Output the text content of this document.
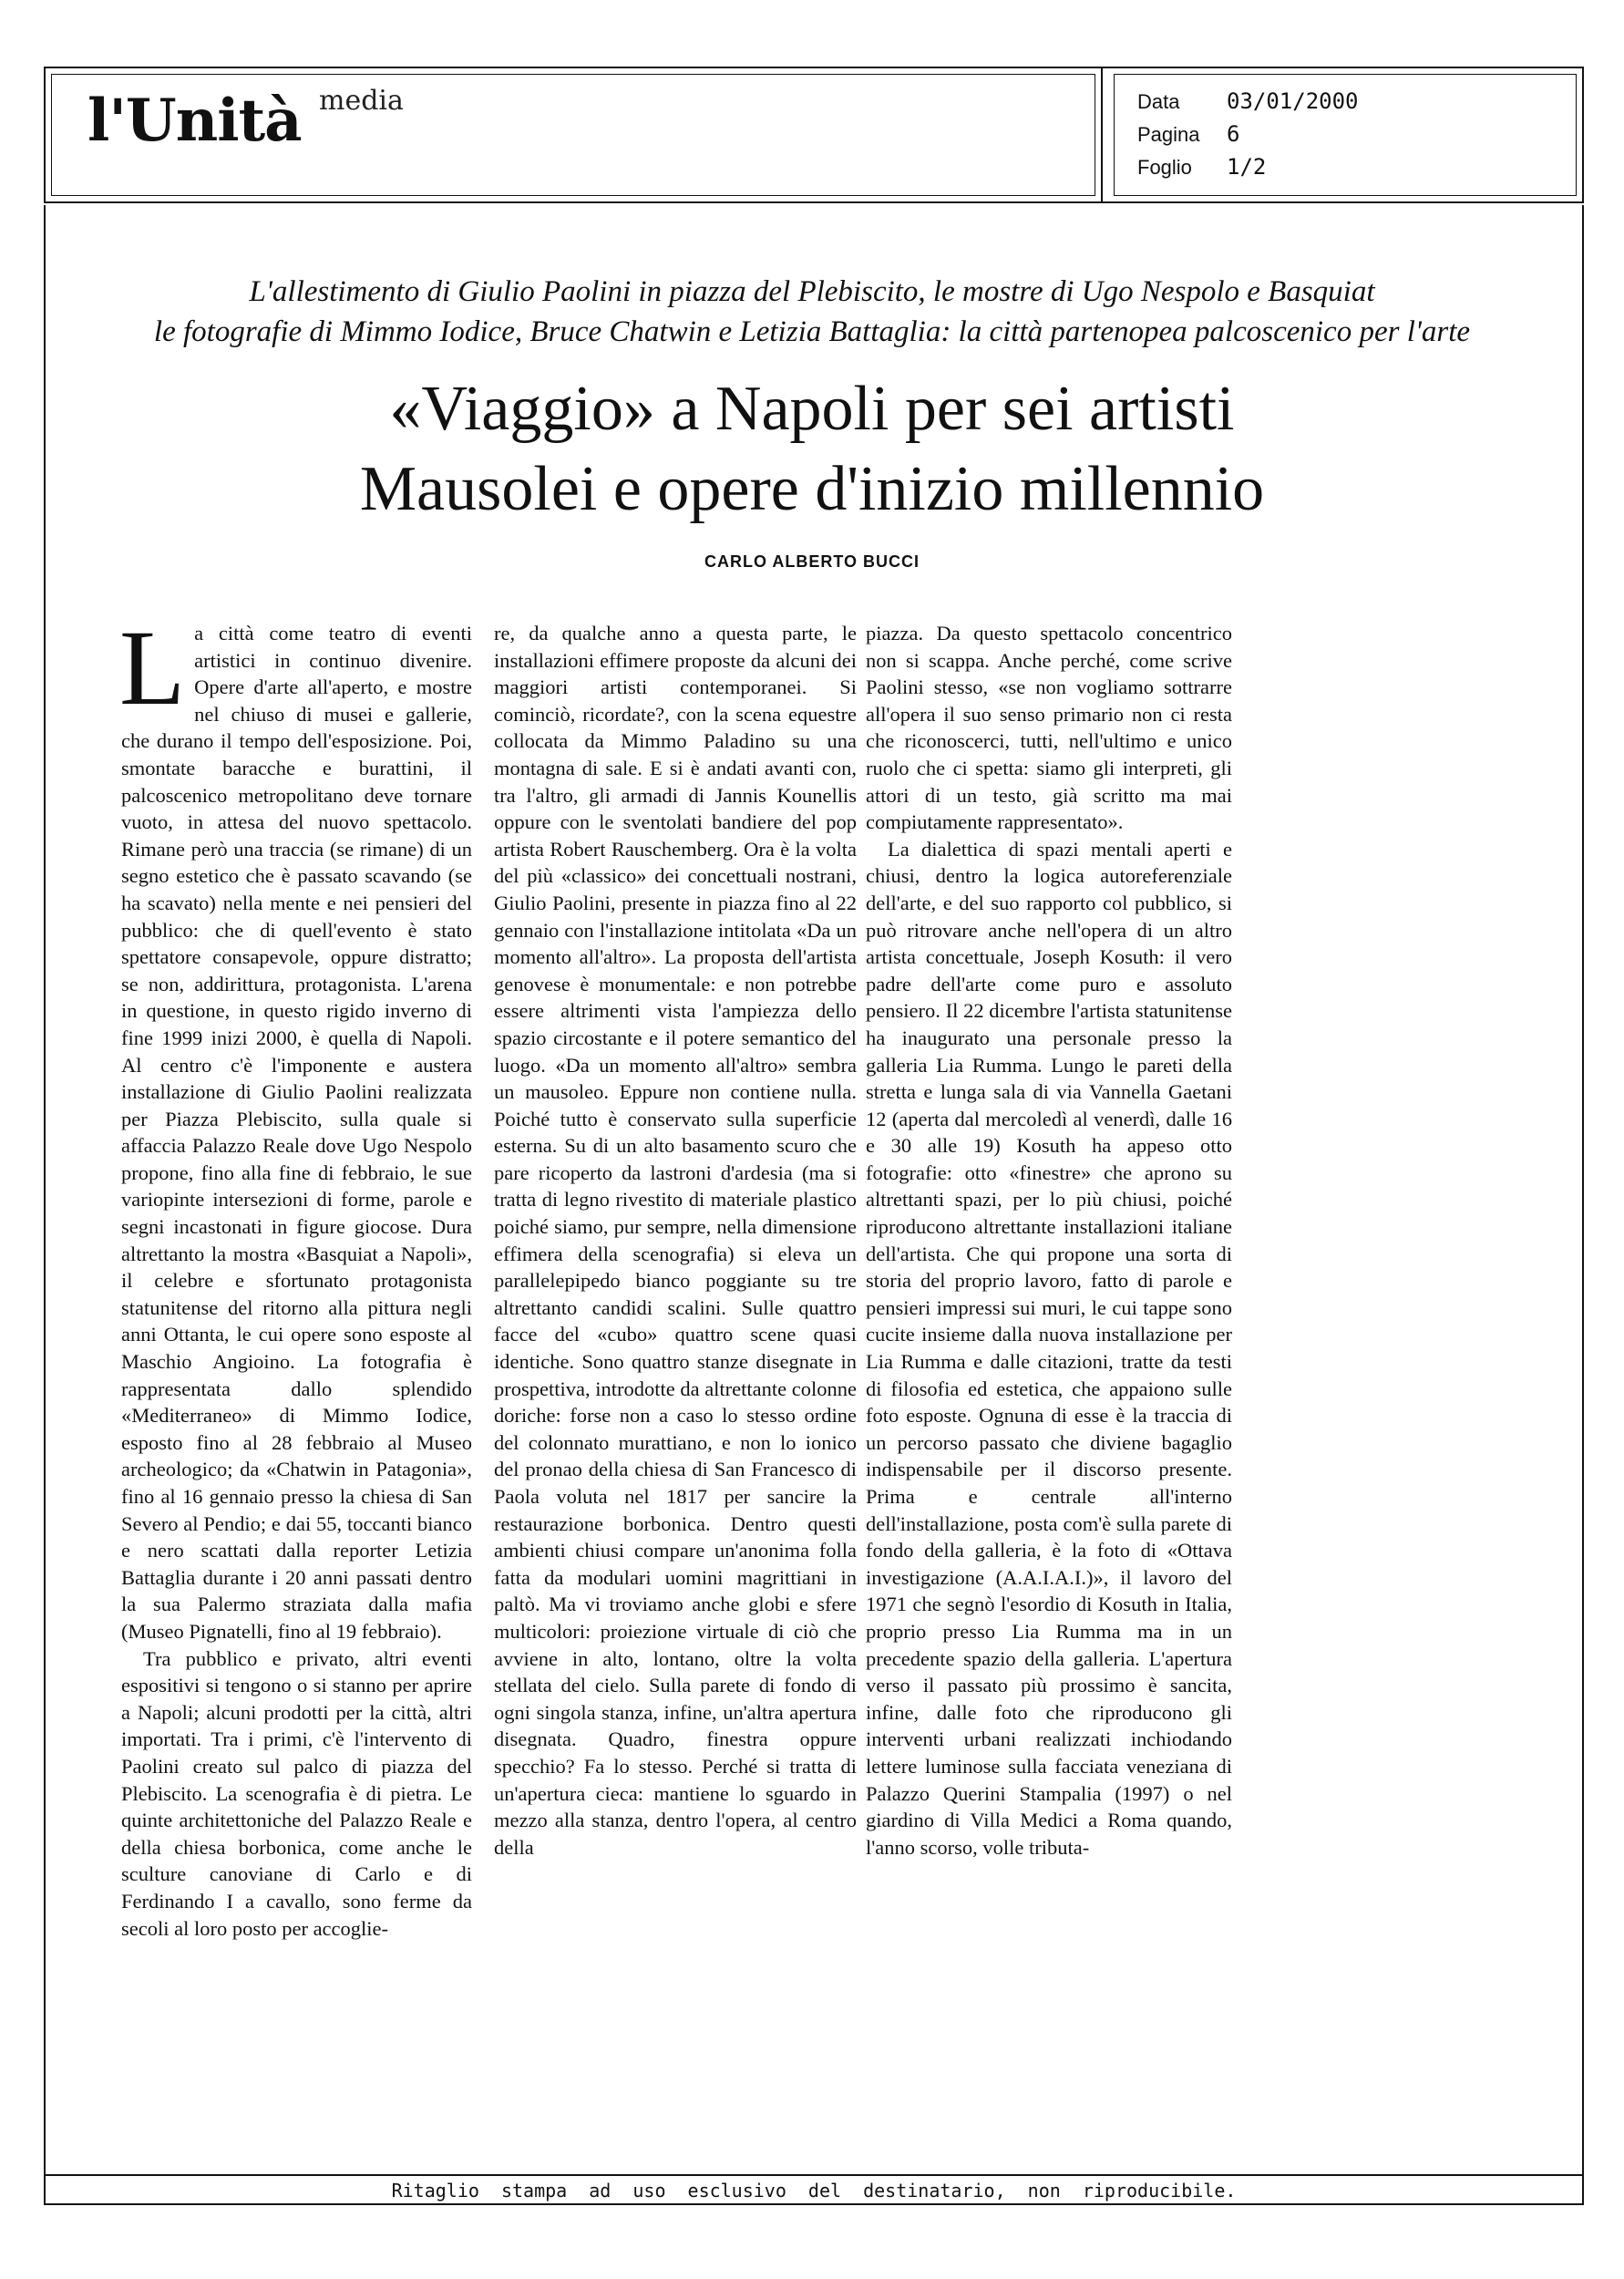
l'Unità media	Data 03/01/2000
Pagina 6
Foglio 1/2
L'allestimento di Giulio Paolini in piazza del Plebiscito, le mostre di Ugo Nespolo e Basquiat
le fotografie di Mimmo Iodice, Bruce Chatwin e Letizia Battaglia: la città partenopea palcoscenico per l'arte
«Viaggio» a Napoli per sei artisti
Mausolei e opere d'inizio millennio
CARLO ALBERTO BUCCI

La città come teatro di eventi artistici in continuo divenire. Opere d'arte all'aperto, e mostre nel chiuso di musei e gallerie, che durano il tempo dell'esposizione. Poi, smontate baracche e burattini, il palcoscenico metropolitano deve tornare vuoto, in attesa del nuovo spettacolo. Rimane però una traccia (se rimane) di un segno estetico che è passato scavando (se ha scavato) nella mente e nei pensieri del pubblico: che di quell'evento è stato spettatore consapevole, oppure distratto; se non, addirittura, protagonista. L'arena in questione, in questo rigido inverno di fine 1999 inizi 2000, è quella di Napoli. Al centro c'è l'imponente e austera installazione di Giulio Paolini realizzata per Piazza Plebiscito, sulla quale si affaccia Palazzo Reale dove Ugo Nespolo propone, fino alla fine di febbraio, le sue variopinte intersezioni di forme, parole e segni incastonati in figure giocose. Dura altrettanto la mostra «Basquiat a Napoli», il celebre e sfortunato protagonista statunitense del ritorno alla pittura negli anni Ottanta, le cui opere sono esposte al Maschio Angioino. La fotografia è rappresentata dallo splendido «Mediterraneo» di Mimmo Iodice, esposto fino al 28 febbraio al Museo archeologico; da «Chatwin in Patagonia», fino al 16 gennaio presso la chiesa di San Severo al Pendio; e dai 55, toccanti bianco e nero scattati dalla reporter Letizia Battaglia durante i 20 anni passati dentro la sua Palermo straziata dalla mafia (Museo Pignatelli, fino al 19 febbraio).

Tra pubblico e privato, altri eventi espositivi si tengono o si stanno per aprire a Napoli; alcuni prodotti per la città, altri importati. Tra i primi, c'è l'intervento di Paolini creato sul palco di piazza del Plebiscito. La scenografia è di pietra. Le quinte architettoniche del Palazzo Reale e della chiesa borbonica, come anche le sculture canoviane di Carlo e di Ferdinando I a cavallo, sono ferme da secoli al loro posto per accoglie-

re, da qualche anno a questa parte, le installazioni effimere proposte da alcuni dei maggiori artisti contemporanei. Si cominciò, ricordate?, con la scena equestre collocata da Mimmo Paladino su una montagna di sale. E si è andati avanti con, tra l'altro, gli armadi di Jannis Kounellis oppure con le sventolati bandiere del pop artista Robert Rauschemberg. Ora è la volta del più «classico» dei concettuali nostrani, Giulio Paolini, presente in piazza fino al 22 gennaio con l'installazione intitolata «Da un momento all'altro». La proposta dell'artista genovese è monumentale: e non potrebbe essere altrimenti vista l'ampiezza dello spazio circostante e il potere semantico del luogo. «Da un momento all'altro» sembra un mausoleo. Eppure non contiene nulla. Poiché tutto è conservato sulla superficie esterna. Su di un alto basamento scuro che pare ricoperto da lastroni d'ardesia (ma si tratta di legno rivestito di materiale plastico poiché siamo, pur sempre, nella dimensione effimera della scenografia) si eleva un parallelepipedo bianco poggiante su tre altrettanto candidi scalini. Sulle quattro facce del «cubo» quattro scene quasi identiche. Sono quattro stanze disegnate in prospettiva, introdotte da altrettante colonne doriche: forse non a caso lo stesso ordine del colonnato murattiano, e non lo ionico del pronao della chiesa di San Francesco di Paola voluta nel 1817 per sancire la restaurazione borbonica. Dentro questi ambienti chiusi compare un'anonima folla fatta da modulari uomini magrittiani in paltò. Ma vi troviamo anche globi e sfere multicolori: proiezione virtuale di ciò che avviene in alto, lontano, oltre la volta stellata del cielo. Sulla parete di fondo di ogni singola stanza, infine, un'altra apertura disegnata. Quadro, finestra oppure specchio? Fa lo stesso. Perché si tratta di un'apertura cieca: mantiene lo sguardo in mezzo alla stanza, dentro l'opera, al centro della

piazza. Da questo spettacolo concentrico non si scappa. Anche perché, come scrive Paolini stesso, «se non vogliamo sottrarre all'opera il suo senso primario non ci resta che riconoscerci, tutti, nell'ultimo e unico ruolo che ci spetta: siamo gli interpreti, gli attori di un testo, già scritto ma mai compiutamente rappresentato».

La dialettica di spazi mentali aperti e chiusi, dentro la logica autoreferenziale dell'arte, e del suo rapporto col pubblico, si può ritrovare anche nell'opera di un altro artista concettuale, Joseph Kosuth: il vero padre dell'arte come puro e assoluto pensiero. Il 22 dicembre l'artista statunitense ha inaugurato una personale presso la galleria Lia Rumma. Lungo le pareti della stretta e lunga sala di via Vannella Gaetani 12 (aperta dal mercoledì al venerdì, dalle 16 e 30 alle 19) Kosuth ha appeso otto fotografie: otto «finestre» che aprono su altrettanti spazi, per lo più chiusi, poiché riproducono altrettante installazioni italiane dell'artista. Che qui propone una sorta di storia del proprio lavoro, fatto di parole e pensieri impressi sui muri, le cui tappe sono cucite insieme dalla nuova installazione per Lia Rumma e dalle citazioni, tratte da testi di filosofia ed estetica, che appaiono sulle foto esposte. Ognuna di esse è la traccia di un percorso passato che diviene bagaglio indispensabile per il discorso presente. Prima e centrale all'interno dell'installazione, posta com'è sulla parete di fondo della galleria, è la foto di «Ottava investigazione (A.A.I.A.I.)», il lavoro del 1971 che segnò l'esordio di Kosuth in Italia, proprio presso Lia Rumma ma in un precedente spazio della galleria. L'apertura verso il passato più prossimo è sancita, infine, dalle foto che riproducono gli interventi urbani realizzati inchiodando lettere luminose sulla facciata veneziana di Palazzo Querini Stampalia (1997) o nel giardino di Villa Medici a Roma quando, l'anno scorso, volle tributa-

Ritaglio stampa ad uso esclusivo del destinatario, non riproducibile.
